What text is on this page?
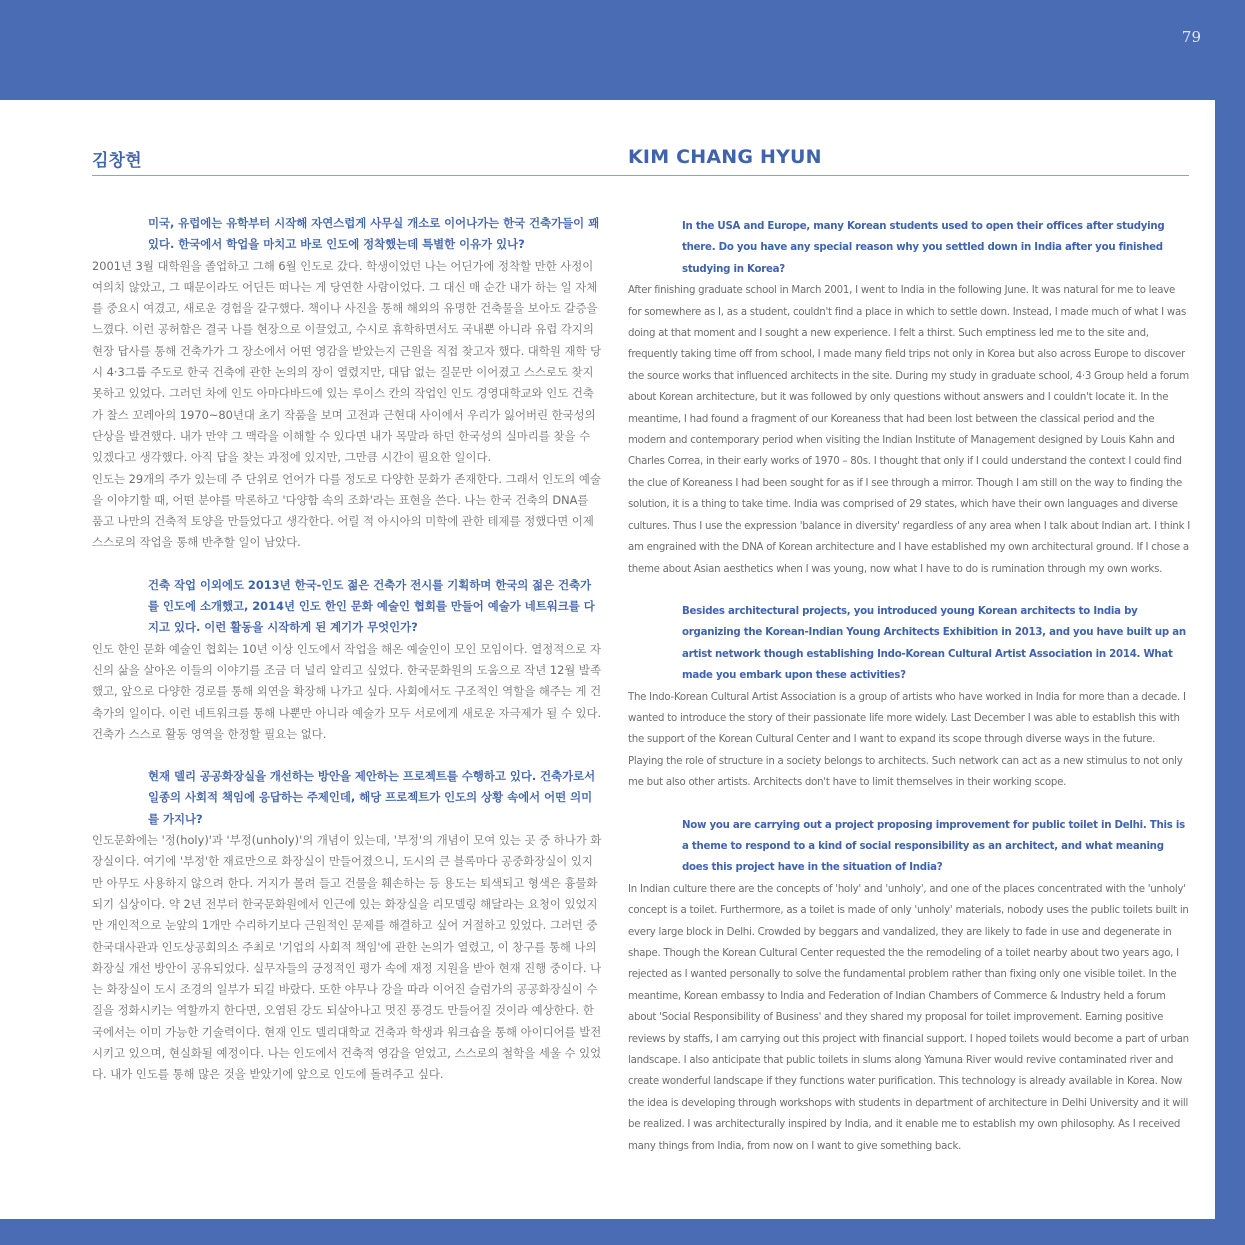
79
김창현

미국, 유럽에는 유학부터 시작해 자연스럽게 사무실 개소로 이어나가는 한국 건축가들이 꽤 있다. 한국에서 학업을 마치고 바로 인도에 정착했는데 특별한 이유가 있나?

2001년 3월 대학원을 졸업하고 그해 6월 인도로 갔다. 학생이었던 나는 어딘가에 정착할 만한 사정이 여의치 않았고, 그 때문이라도 어딘든 떠나는 게 당연한 사람이었다. 그 대신 매 순간 내가 하는 일 자체를 중요시 여겼고, 새로운 경험을 갈구했다. 책이나 사진을 통해 해외의 유명한 건축물을 보아도 갈증을 느꼈다. 이런 공허함은 결국 나를 현장으로 이끌었고, 수시로 휴학하면서도 국내뿐 아니라 유럽 각지의 현장 답사를 통해 건축가가 그 장소에서 어떤 영감을 받았는지 근원을 직접 찾고자 했다. 대학원 재학 당시 4·3그룹 주도로 한국 건축에 관한 논의의 장이 열렸지만, 대답 없는 질문만 이어졌고 스스로도 찾지 못하고 있었다. 그러던 차에 인도 아마다바드에 있는 루이스 칸의 작업인 인도 경영대학교와 인도 건축가 찰스 꼬레아의 1970~80년대 초기 작품을 보며 고전과 근현대 사이에서 우리가 잃어버린 한국성의 단상을 발견했다. 내가 만약 그 맥락을 이해할 수 있다면 내가 목말라 하던 한국성의 실마리를 찾을 수 있겠다고 생각했다. 아직 답을 찾는 과정에 있지만, 그만큼 시간이 필요한 일이다.

인도는 29개의 주가 있는데 주 단위로 언어가 다를 정도로 다양한 문화가 존재한다. 그래서 인도의 예술을 이야기할 때, 어떤 분야를 막론하고 '다양함 속의 조화'라는 표현을 쓴다. 나는 한국 건축의 DNA를 품고 나만의 건축적 토양을 만들었다고 생각한다. 어릴 적 아시아의 미학에 관한 테제를 정했다면 이제 스스로의 작업을 통해 반추할 일이 남았다.

건축 작업 이외에도 2013년 한국-인도 젊은 건축가 전시를 기획하며 한국의 젊은 건축가를 인도에 소개했고, 2014년 인도 한인 문화 예술인 협회를 만들어 예술가 네트워크를 다지고 있다. 이런 활동을 시작하게 된 계기가 무엇인가?

인도 한인 문화 예술인 협회는 10년 이상 인도에서 작업을 해온 예술인이 모인 모임이다. 열정적으로 자신의 삶을 살아온 이들의 이야기를 조금 더 널리 알리고 싶었다. 한국문화원의 도움으로 작년 12월 발족했고, 앞으로 다양한 경로를 통해 외연을 확장해 나가고 싶다. 사회에서도 구조적인 역할을 해주는 게 건축가의 일이다. 이런 네트워크를 통해 나뿐만 아니라 예술가 모두 서로에게 새로운 자극제가 될 수 있다. 건축가 스스로 활동 영역을 한정할 필요는 없다.

현재 델리 공공화장실을 개선하는 방안을 제안하는 프로젝트를 수행하고 있다. 건축가로서 일종의 사회적 책임에 응답하는 주제인데, 해당 프로젝트가 인도의 상황 속에서 어떤 의미를 가지나?

인도문화에는 '정(holy)'과 '부정(unholy)'의 개념이 있는데, '부정'의 개념이 모여 있는 곳 중 하나가 화장실이다. 여기에 '부정'한 재료만으로 화장실이 만들어졌으니, 도시의 큰 블록마다 공중화장실이 있지만 아무도 사용하지 않으려 한다. 거지가 몰려 들고 건물을 훼손하는 등 용도는 퇴색되고 형색은 흉물화되기 십상이다. 약 2년 전부터 한국문화원에서 인근에 있는 화장실을 리모델링 해달라는 요청이 있었지만 개인적으로 눈앞의 1개만 수리하기보다 근원적인 문제를 해결하고 싶어 거절하고 있었다. 그러던 중 한국대사관과 인도상공회의소 주최로 '기업의 사회적 책임'에 관한 논의가 열렸고, 이 창구를 통해 나의 화장실 개선 방안이 공유되었다. 실무자들의 긍정적인 평가 속에 재정 지원을 받아 현재 진행 중이다. 나는 화장실이 도시 조경의 일부가 되길 바랐다. 또한 야무나 강을 따라 이어진 슬럼가의 공공화장실이 수질을 정화시키는 역할까지 한다면, 오염된 강도 되살아나고 멋진 풍경도 만들어질 것이라 예상한다. 한국에서는 이미 가능한 기술력이다. 현재 인도 델리대학교 건축과 학생과 워크숍을 통해 아이디어를 발전시키고 있으며, 현실화될 예정이다. 나는 인도에서 건축적 영감을 얻었고, 스스로의 철학을 세울 수 있었다. 내가 인도를 통해 많은 것을 받았기에 앞으로 인도에 돌려주고 싶다.

KIM CHANG HYUN

In the USA and Europe, many Korean students used to open their offices after studying there. Do you have any special reason why you settled down in India after you finished studying in Korea?

After finishing graduate school in March 2001, I went to India in the following June. It was natural for me to leave for somewhere as I, as a student, couldn't find a place in which to settle down. Instead, I made much of what I was doing at that moment and I sought a new experience. I felt a thirst. Such emptiness led me to the site and, frequently taking time off from school, I made many field trips not only in Korea but also across Europe to discover the source works that influenced architects in the site. During my study in graduate school, 4·3 Group held a forum about Korean architecture, but it was followed by only questions without answers and I couldn't locate it. In the meantime, I had found a fragment of our Koreaness that had been lost between the classical period and the modern and contemporary period when visiting the Indian Institute of Management designed by Louis Kahn and Charles Correa, in their early works of 1970 – 80s. I thought that only if I could understand the context I could find the clue of Koreaness I had been sought for as if I see through a mirror. Though I am still on the way to finding the solution, it is a thing to take time. India was comprised of 29 states, which have their own languages and diverse cultures. Thus I use the expression 'balance in diversity' regardless of any area when I talk about Indian art. I think I am engrained with the DNA of Korean architecture and I have established my own architectural ground. If I chose a theme about Asian aesthetics when I was young, now what I have to do is rumination through my own works.

Besides architectural projects, you introduced young Korean architects to India by organizing the Korean-Indian Young Architects Exhibition in 2013, and you have built up an artist network though establishing Indo-Korean Cultural Artist Association in 2014. What made you embark upon these activities?

The Indo-Korean Cultural Artist Association is a group of artists who have worked in India for more than a decade. I wanted to introduce the story of their passionate life more widely. Last December I was able to establish this with the support of the Korean Cultural Center and I want to expand its scope through diverse ways in the future. Playing the role of structure in a society belongs to architects. Such network can act as a new stimulus to not only me but also other artists. Architects don't have to limit themselves in their working scope.

Now you are carrying out a project proposing improvement for public toilet in Delhi. This is a theme to respond to a kind of social responsibility as an architect, and what meaning does this project have in the situation of India?

In Indian culture there are the concepts of 'holy' and 'unholy', and one of the places concentrated with the 'unholy' concept is a toilet. Furthermore, as a toilet is made of only 'unholy' materials, nobody uses the public toilets built in every large block in Delhi. Crowded by beggars and vandalized, they are likely to fade in use and degenerate in shape. Though the Korean Cultural Center requested the the remodeling of a toilet nearby about two years ago, I rejected as I wanted personally to solve the fundamental problem rather than fixing only one visible toilet. In the meantime, Korean embassy to India and Federation of Indian Chambers of Commerce & Industry held a forum about 'Social Responsibility of Business' and they shared my proposal for toilet improvement. Earning positive reviews by staffs, I am carrying out this project with financial support. I hoped toilets would become a part of urban landscape. I also anticipate that public toilets in slums along Yamuna River would revive contaminated river and create wonderful landscape if they functions water purification. This technology is already available in Korea. Now the idea is developing through workshops with students in department of architecture in Delhi University and it will be realized. I was architecturally inspired by India, and it enable me to establish my own philosophy. As I received many things from India, from now on I want to give something back.
